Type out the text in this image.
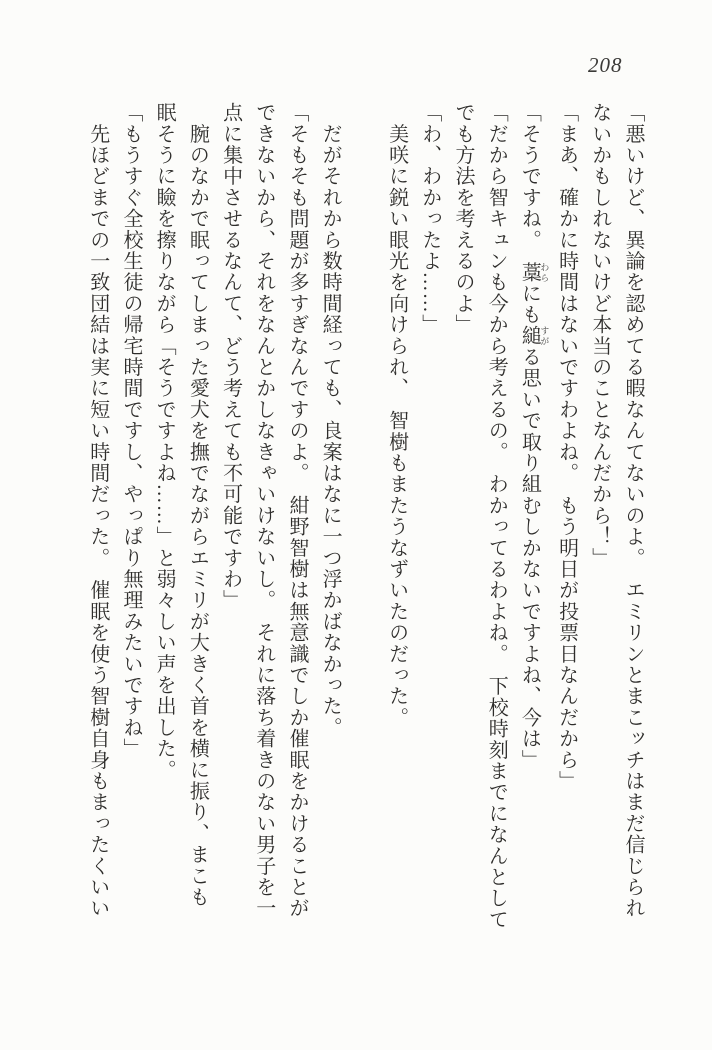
208
「悪いけど、異論を認めてる暇なんてないのよ。　エミリンとまこッチはまだ信じられ
ないかもしれないけど本当のことなんだから！」
「まあ、確かに時間はないですわよね。　もう明日が投票日なんだから」
「そうですね。　藁 わらにも縋 すがる思いで取り組むしかないですよね、今は」
「だから智キュンも今から考えるの。　わかってるわよね。　下校時刻までになんとして
でも方法を考えるのよ」
「わ、わかったよ……」
　美咲に鋭い眼光を向けられ、　智樹もまたうなずいたのだった。

　だがそれから数時間経っても、良案はなに一つ浮かばなかった。
「そもそも問題が多すぎなんですのよ。　紺野智樹は無意識でしか催眠をかけることが
できないから、それをなんとかしなきゃいけないし。　それに落ち着きのない男子を一
点に集中させるなんて、どう考えても不可能ですわ」
　腕のなかで眠ってしまった愛犬を撫でながらエミリが大きく首を横に振り、まこも
眠そうに瞼を擦りながら「そうですよね……」と弱々しい声を出した。
「もうすぐ全校生徒の帰宅時間ですし、やっぱり無理みたいですね」
　先ほどまでの一致団結は実に短い時間だった。　催眠を使う智樹自身もまったくいい
